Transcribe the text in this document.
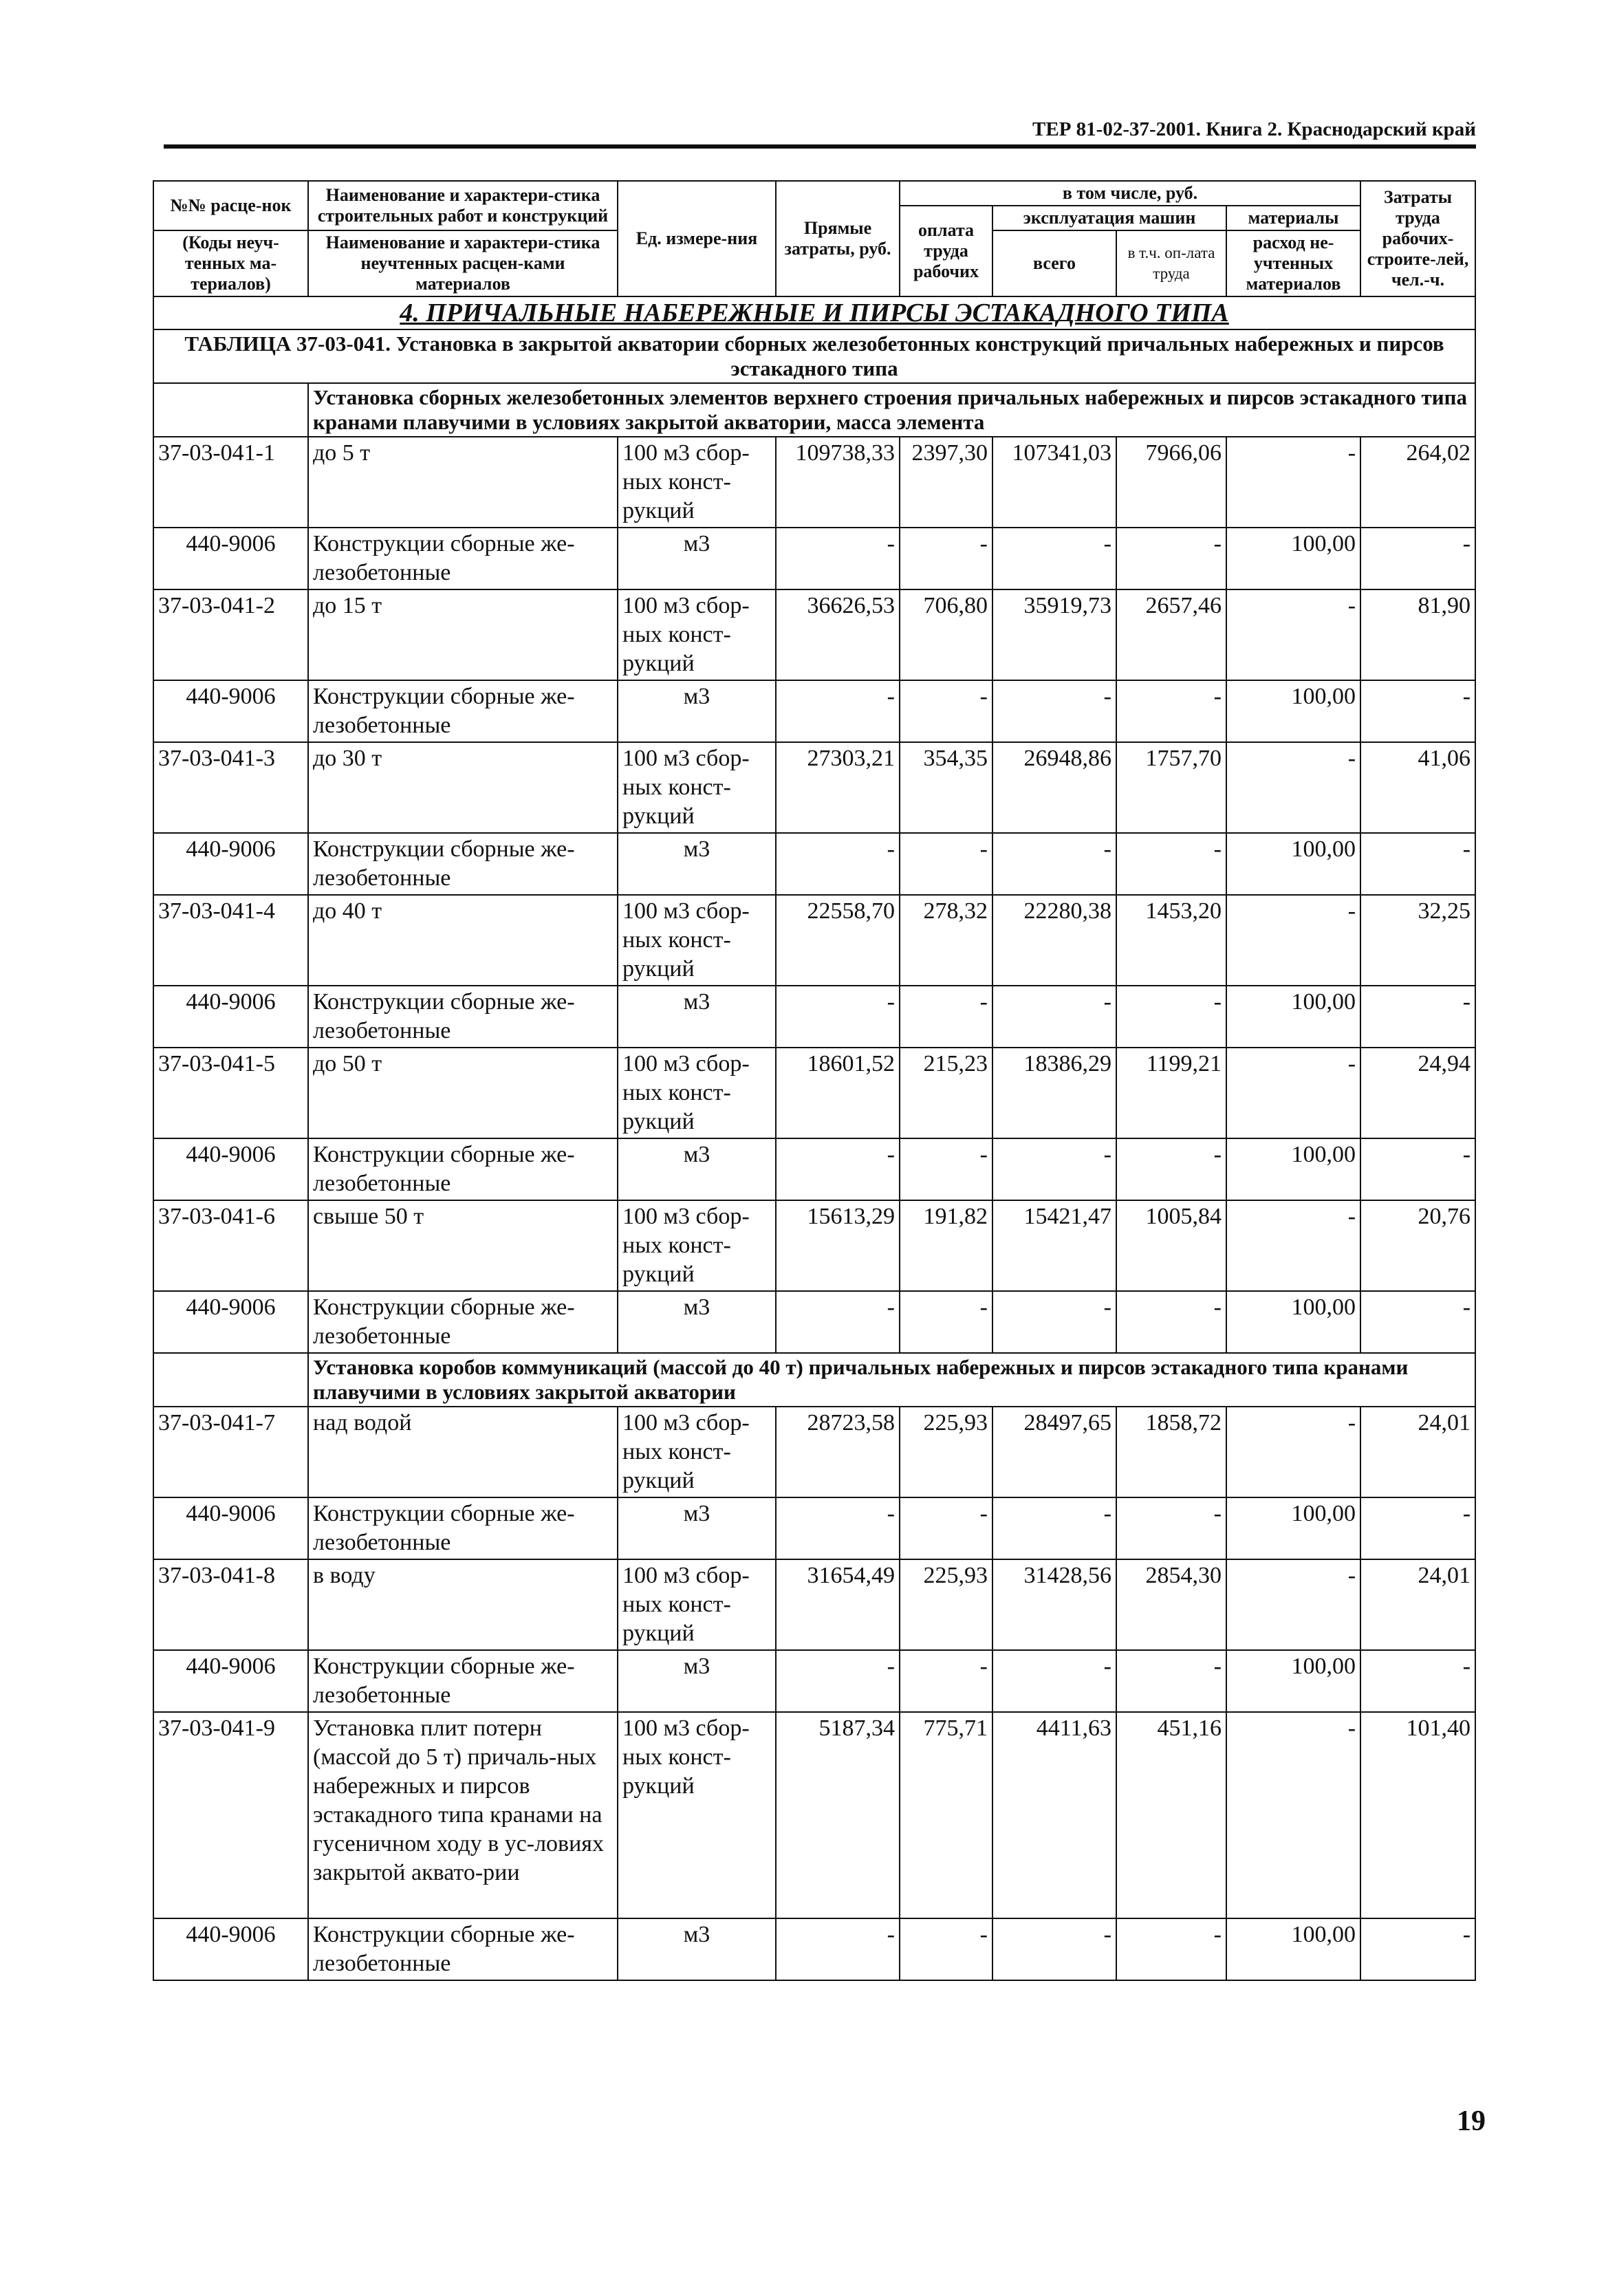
ТЕР 81-02-37-2001. Книга 2. Краснодарский край
№№ расце-нок	Наименование и характери-стика строительных работ и конструкций	Ед. измере-ния	Прямые затраты, руб.	в том числе, руб.				Затраты труда рабочих-строите-лей, чел.-ч.
				оплата труда рабочих	эксплуатация машин		материалы	
(Коды неуч-тенных ма-териалов)	Наименование и характери-стика неучтенных расцен-ками материалов				всего	в т.ч. оп-лата труда	расход не-учтенных материалов	

4. ПРИЧАЛЬНЫЕ НАБЕРЕЖНЫЕ И ПИРСЫ ЭСТАКАДНОГО ТИПА								
ТАБЛИЦА 37-03-041. Установка в закрытой акватории сборных железобетонных конструкций причальных набережных и пирсов эстакадного типа								
	Установка сборных железобетонных элементов верхнего строения причальных набережных и пирсов эстакадного типа кранами плавучими в условиях закрытой акватории, масса элемента							
37-03-041-1	до 5 т	100 м3 сбор-ных конст-рукций	109738,33	2397,30	107341,03	7966,06	-	264,02
440-9006	Конструкции сборные же-лезобетонные	м3	-	-	-	-	100,00	-
37-03-041-2	до 15 т	100 м3 сбор-ных конст-рукций	36626,53	706,80	35919,73	2657,46	-	81,90
440-9006	Конструкции сборные же-лезобетонные	м3	-	-	-	-	100,00	-
37-03-041-3	до 30 т	100 м3 сбор-ных конст-рукций	27303,21	354,35	26948,86	1757,70	-	41,06
440-9006	Конструкции сборные же-лезобетонные	м3	-	-	-	-	100,00	-
37-03-041-4	до 40 т	100 м3 сбор-ных конст-рукций	22558,70	278,32	22280,38	1453,20	-	32,25
440-9006	Конструкции сборные же-лезобетонные	м3	-	-	-	-	100,00	-
37-03-041-5	до 50 т	100 м3 сбор-ных конст-рукций	18601,52	215,23	18386,29	1199,21	-	24,94
440-9006	Конструкции сборные же-лезобетонные	м3	-	-	-	-	100,00	-
37-03-041-6	свыше 50 т	100 м3 сбор-ных конст-рукций	15613,29	191,82	15421,47	1005,84	-	20,76
440-9006	Конструкции сборные же-лезобетонные	м3	-	-	-	-	100,00	-
	Установка коробов коммуникаций (массой до 40 т) причальных набережных и пирсов эстакадного типа кранами плавучими в условиях закрытой акватории							
37-03-041-7	над водой	100 м3 сбор-ных конст-рукций	28723,58	225,93	28497,65	1858,72	-	24,01
440-9006	Конструкции сборные же-лезобетонные	м3	-	-	-	-	100,00	-
37-03-041-8	в воду	100 м3 сбор-ных конст-рукций	31654,49	225,93	31428,56	2854,30	-	24,01
440-9006	Конструкции сборные же-лезобетонные	м3	-	-	-	-	100,00	-
37-03-041-9	Установка плит потерн (массой до 5 т) причаль-ных набережных и пирсов эстакадного типа кранами на гусеничном ходу в ус-ловиях закрытой аквато-рии	100 м3 сбор-ных конст-рукций	5187,34	775,71	4411,63	451,16	-	101,40
440-9006	Конструкции сборные же-лезобетонные	м3	-	-	-	-	100,00	-
19
